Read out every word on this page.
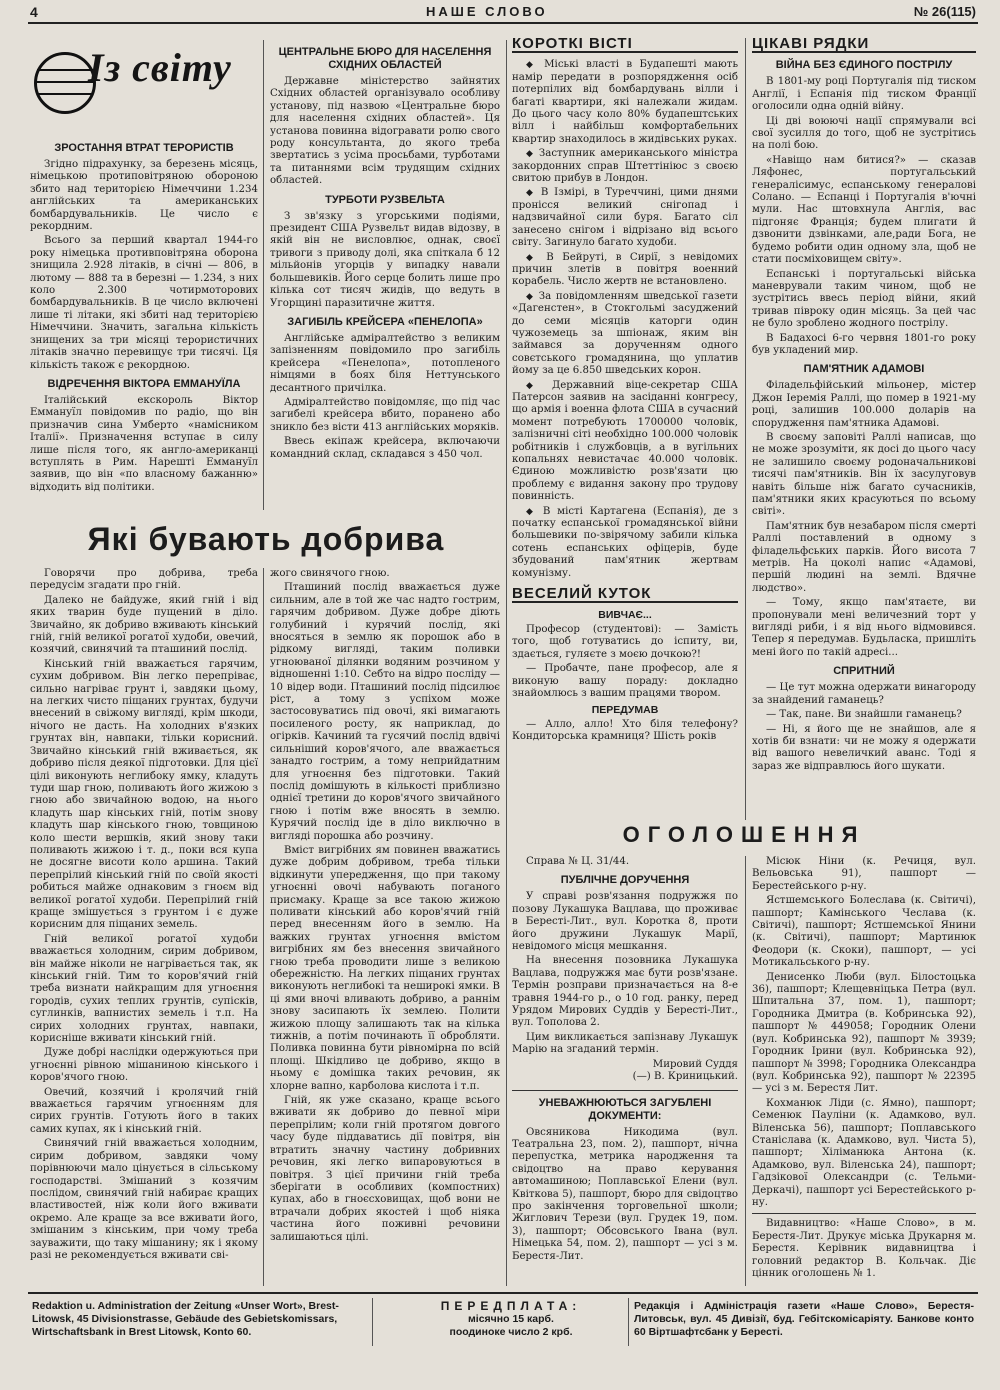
4	НАШЕ СЛОВО	№ 26(115)
Із світу
ЗРОСТАННЯ ВТРАТ ТЕРОРИСТІВ

Згідно підрахунку, за березень місяць, німецькою протиповітряною обороною збито над територією Німеччини 1.234 англійських та американських бомбардувальників. Це число є рекордним.

Всього за перший квартал 1944-го року німецька противповітряна оборона знищила 2.928 літаків, в січні — 806, в лютому — 888 та в березні — 1.234, з них коло 2.300 чотирмоторових бомбардувальників. В це число включені лише ті літаки, які збиті над територією Німеччини. Значить, загальна кількість знищених за три місяці терористичних літаків значно перевищує три тисячі. Ця кількість також є рекордною.

ВІДРЕЧЕННЯ ВІКТОРА ЕММАНУЇЛА

Італійський екскороль Віктор Еммануїл повідомив по радіо, що він призначив сина Умберто «намісником Італії». Призначення вступає в силу лише після того, як англо-американці вступлять в Рим. Нарешті Еммануїл заявив, що він «по власному бажанню» відходить від політики.

ЦЕНТРАЛЬНЕ БЮРО ДЛЯ НАСЕЛЕННЯ СХІДНИХ ОБЛАСТЕЙ

Державне міністерство зайнятих Східних областей організувало особливу установу, під назвою «Центральне бюро для населення східних областей». Ця установа повинна відогравати ролю свого роду консультанта, до якого треба звертатись з усіма просьбами, турботами та питаннями всім трудящим східних областей.

ТУРБОТИ РУЗВЕЛЬТА

З зв'язку з угорськими подіями, президент США Рузвельт видав відозву, в якій він не висловлює, однак, своєї тривоги з приводу долі, яка спіткала б 12 мільйонів угорців у випадку навали большевиків. Його серце болить лише про кілька сот тисяч жидів, що ведуть в Угорщині паразитичне життя.

ЗАГИБІЛЬ КРЕЙСЕРА «ПЕНЕЛОПА»

Англійське адміралтейство з великим запізненням повідомило про загибіль крейсера «Пенелопа», потопленого німцями в боях біля Неттунського десантного причілка.

Адміралтейство повідомляє, що під час загибелі крейсера вбито, поранено або зникло без вісти 413 англійських моряків.

Ввесь екіпаж крейсера, включаючи командний склад, складався з 450 чол.

Які бувають добрива

Говорячи про добрива, треба передусім згадати про гній.

Далеко не байдуже, який гній і від яких тварин буде пущений в діло. Звичайно, як добриво вживають кінський гній, гній великої рогатої худоби, овечий, козячий, свинячий та пташиний послід.

Кінський гній вважається гарячим, сухим добривом. Він легко перепріває, сильно нагріває грунт і, завдяки цьому, на легких чисто піщаних грунтах, будучи внесений в свіжому вигляді, крім шкоди, нічого не дасть. На холодних в'язких грунтах він, навпаки, тільки корисний. Звичайно кінський гній вживається, як добриво після деякої підготовки. Для цієї цілі виконують неглибоку ямку, кладуть туди шар гною, поливають його жижою з гною або звичайною водою, на нього кладуть шар кінських гній, потім знову кладуть шар кінського гною, товщиною коло шести вершків, який знову таки поливають жижою і т. д., поки вся купа не досягне висоти коло аршина. Такий перепрілий кінський гній по своїй якості робиться майже однаковим з гноєм від великої рогатої худоби. Перепрілий гній краще змішується з грунтом і є дуже корисним для піщаних земель.

Гній великої рогатої худоби вважається холодним, сирим добривом, він майже ніколи не нагрівається так, як кінський гній. Тим то коров'ячий гній треба визнати найкращим для угноєння городів, сухих теплих грунтів, супісків, суглинків, вапнистих земель і т.п. На сирих холодних грунтах, навпаки, корисніше вживати кінський гній.

Дуже добрі наслідки одержуються при угноєнні рівною мішаниною кінського і коров'ячого гною.

Овечий, козячий і кролячий гній вважається гарячим угноєнням для сирих грунтів. Готують його в таких самих купах, як і кінський гній.

Свинячий гній вважається холодним, сирим добривом, завдяки чому порівнюючи мало цінується в сільському господарстві. Змішаний з козячим послідом, свинячий гній набирає кращих властивостей, ніж коли його вживати окремо. Але краще за все вживати його, змішаним з кінським, при чому треба зауважити, що таку мішанину; як і якому разі не рекомендується вживати сві-

жого свинячого гною.

Пташиний послід вважається дуже сильним, але в той же час надто гострим, гарячим добривом. Дуже добре діють голубиний і курячий послід, які вносяться в землю як порошок або в рідкому вигляді, таким поливки угноюваної ділянки водяним розчином у відношенні 1:10. Себто на відро посліду — 10 відер води. Пташиний послід підсилює ріст, а тому з успіхом може застосовуватись під овочі, які вимагають посиленого росту, як наприклад, до огірків. Качиний та гусячий послід вдвічі сильніший коров'ячого, але вважається занадто гострим, а тому неприйдатним для угноєння без підготовки. Такий послід домішують в кількості приблизно однієї третини до коров'ячого звичайного гною і потім вже вносять в землю. Курячий послід іде в діло виключно в вигляді порошка або розчину.

Вміст вигрібних ям повинен вважатись дуже добрим добривом, треба тільки відкинути упередження, що при такому угноєнні овочі набувають поганого присмаку. Краще за все такою жижою поливати кінський або коров'ячий гній перед внесенням його в землю. На важких грунтах угноєння вмістом вигрібних ям без внесення звичайного гною треба проводити лише з великою обережністю. На легких піщаних грунтах виконують неглибокі та неширокі ямки. В ці ями вночі вливають добриво, а раннім знову засипають їх землею. Полити жижою площу залишають так на кілька тижнів, а потім починають її обробляти. Поливка повинна бути рівномірна по всій площі. Шкідливо це добриво, якщо в ньому є домішка таких речовин, як хлорне вапно, карболова кислота і т.п.

Гній, як уже сказано, краще всього вживати як добриво до певної міри перепрілим; коли гній протягом довгого часу буде піддаватись дії повітря, він втратить значну частину добривних речовин, які легко випаровуються в повітря. З цієї причини гній треба зберігати в особливих (компостних) купах, або в гноєсховищах, щоб вони не втрачали добрих якостей і щоб ніяка частина його поживні речовини залишаються цілі.

КОРОТКІ ВІСТІ

◆ Міські власті в Будапешті мають намір передати в розпорядження осіб потерпілих від бомбардувань вілли і багаті квартири, які належали жидам. До цього часу коло 80% будапештських вілл і найбільш комфортабельних квартир знаходилось в жидівських руках.

◆ Заступник американського міністра закордонних справ Штеттініюс з своєю свитою прибув в Лондон.

◆ В Ізмірі, в Туреччині, цими днями пронісся великий снігопад і надзвичайної сили буря. Багато сіл занесено снігом і відрізано від всього світу. Загинуло багато худоби.

◆ В Бейруті, в Сирії, з невідомих причин злетів в повітря военний корабель. Число жертв не встановлено.

◆ За повідомленням шведської газети «Дагенстен», в Стокгольмі засуджений до семи місяців каторги один чужоземець за шпіонаж, яким він займався за дорученням одного совєтського громадянина, що уплатив йому за це 6.850 шведських корон.

◆ Державний віце-секретар США Патерсон заявив на засіданні конгресу, що армія і военна флота США в сучасний момент потребують 1700000 чоловік, залізничні сіті необхідно 100.000 чоловік робітників і службовців, а в вугільних копальнях невистачає 40.000 чоловік. Єдиною можливістю розв'язати цю проблему є видання закону про трудову повинність.

◆ В місті Картагена (Еспанія), де з початку еспанської громадянської війни большевики по-звірячому забили кілька сотень еспанських офіцерів, буде збудований пам'ятник жертвам комунізму.

ВЕСЕЛИЙ КУТОК
ВИВЧАЄ...

Професор (студентові): — Замість того, щоб готуватись до іспиту, ви, здається, гуляєте з моєю дочкою?!

— Пробачте, пане професор, але я виконую вашу пораду: докладно знайомлюсь з вашим працями твором.

ПЕРЕДУМАВ

— Алло, алло! Хто біля телефону? Кондиторська крамниця? Шість років

ЦІКАВІ РЯДКИ
ВІЙНА БЕЗ ЄДИНОГО ПОСТРІЛУ

В 1801-му році Португалія під тиском Англії, і Еспанія під тиском Франції оголосили одна одній війну.

Ці дві воюючі нації спрямували всі свої зусилля до того, щоб не зустрітись на полі бою.

«Навіщо нам битися?» — сказав Ляфонес, португальський генералісимус, еспанському генералові Солано. — Еспанці і Португалія в'ючні мули. Нас штовхнула Англія, вас підгоняє Франція; будем плигати й дзвонити дзвінками, але,ради Бога, не будемо робити один одному зла, щоб не стати посміховищем світу».

Еспанські і португальські війська маневрували таким чином, щоб не зустрітись ввесь період війни, який тривав півроку один місяць. За цей час не було зроблено жодного пострілу.

В Бадахосі 6-го червня 1801-го року був укладений мир.

ПАМ'ЯТНИК АДАМОВІ

Філадельфійський мільонер, містер Джон Іеремія Раллі, що помер в 1921-му році, залишив 100.000 доларів на спорудження пам'ятника Адамові.

В своєму заповіті Раллі написав, що не може зрозуміти, як досі до цього часу не залишило своєму родоначальникові тисячі пам'ятників. Він їх засулуговув навіть більше ніж багато сучасників, пам'ятники яких красуються по всьому світі».

Пам'ятник був незабаром після смерті Раллі поставлений в одному з філадельфських парків. Його висота 7 метрів. На цоколі напис «Адамові, першій людині на землі. Вдячне людство».

— Тому, якщо пам'ятаєте, ви пропонували мені величезний торт у вигляді риби, і я від нього відмовився. Тепер я передумав. Будьласка, пришліть мені його по такій адресі...

СПРИТНИЙ

— Це тут можна одержати винагороду за знайдений гаманець?

— Так, пане. Ви знайшли гаманець?

— Ні, я його ще не знайшов, але я хотів би взнати: чи не можу я одержати від вашого невеличкий аванс. Тоді я зараз же відправлюсь його шукати.

ОГОЛОШЕННЯ

Справа № Ц. 31/44.

ПУБЛІЧНЕ ДОРУЧЕННЯ

У справі розв'язання подружжя по позову Лукашука Вацлава, що проживає в Бересті-Лит., вул. Коротка 8, проти його дружини Лукашук Марії, невідомого місця мешкання.

На внесення позовника Лукашука Вацлава, подружжя має бути розв'язане. Термін розправи призначається на 8-е травня 1944-го р., о 10 год. ранку, перед Урядом Мирових Суддів у Бересті-Лит., вул. Тополова 2.

Цим викликається запізнаву Лукашук Марію на згаданий термін.

Мировий Суддя
(—) В. Криницький.
УНЕВАЖНЮЮТЬСЯ ЗАГУБЛЕНІ ДОКУМЕНТИ:

Овсяникова Никодима (вул. Театральна 23, пом. 2), пашпорт, нічна перепустка, метрика народження та свідоцтво на право керування автомашиною; Поплавської Елени (вул. Квіткова 5), пашпорт, бюро для свідоцтво про закінчення торговельної школи; Жиглович Терези (вул. Грудек 19, пом. 3), пашпорт; Обсовського Івана (вул. Німецька 54, пом. 2), пашпорт — усі з м. Берестя-Лит.

Місюк Ніни (к. Речиця, вул. Вельовська 91), пашпорт — Берестейського р-ну.

Ястшемського Болеслава (к. Світичі), пашпорт; Камінського Чеслава (к. Світичі), пашпорт; Ястшемської Янини (к. Світичі), пашпорт; Мартинюк Феодори (к. Скоки), пашпорт, — усі Мотикальського р-ну.

Денисенко Люби (вул. Білостоцька 36), пашпорт; Клещевніцька Петра (вул. Шпитальна 37, пом. 1), пашпорт; Городника Дмитра (в. Кобринська 92), пашпорт № 449058; Городник Олени (вул. Кобринська 92), пашпорт № 3939; Городник Ірини (вул. Кобринська 92), пашпорт № 3998; Городника Олександра (вул. Кобринська 92), пашпорт № 22395 — усі з м. Берестя Лит.

Кохманюк Ліди (с. Ямно), пашпорт; Семенюк Пауліни (к. Адамково, вул. Віленська 56), пашпорт; Поплавського Станіслава (к. Адамково, вул. Чиста 5), пашпорт; Хіліманюка Антона (к. Адамково, вул. Віленська 24), пашпорт; Гадзікової Олександри (с. Тельми-Деркачі), пашпорт усі Берестейського р-ну.

Видавництво: «Наше Слово», в м. Берестя-Лит. Друкує міська Друкарня м. Берестя. Керівник видавництва і головний редактор В. Кольчак. Діє цінник оголошень № 1.

Redaktion u. Administration der Zeitung «Unser Wort», Brest-Litowsk, 45 Divisionstrasse, Gebäude des Gebietskomissars, Wirtschaftsbank in Brest Litowsk, Konto 60.
ПЕРЕДПЛАТА:
місячно 15 карб.
поодиноке число 2 крб.
Редакція і Адміністрація газети «Наше Слово», Берестя-Литовськ, вул. 45 Дивізії, буд. Гебітскомісаріяту. Банкове конто 60 Віртшафтсбанк у Бересті.
